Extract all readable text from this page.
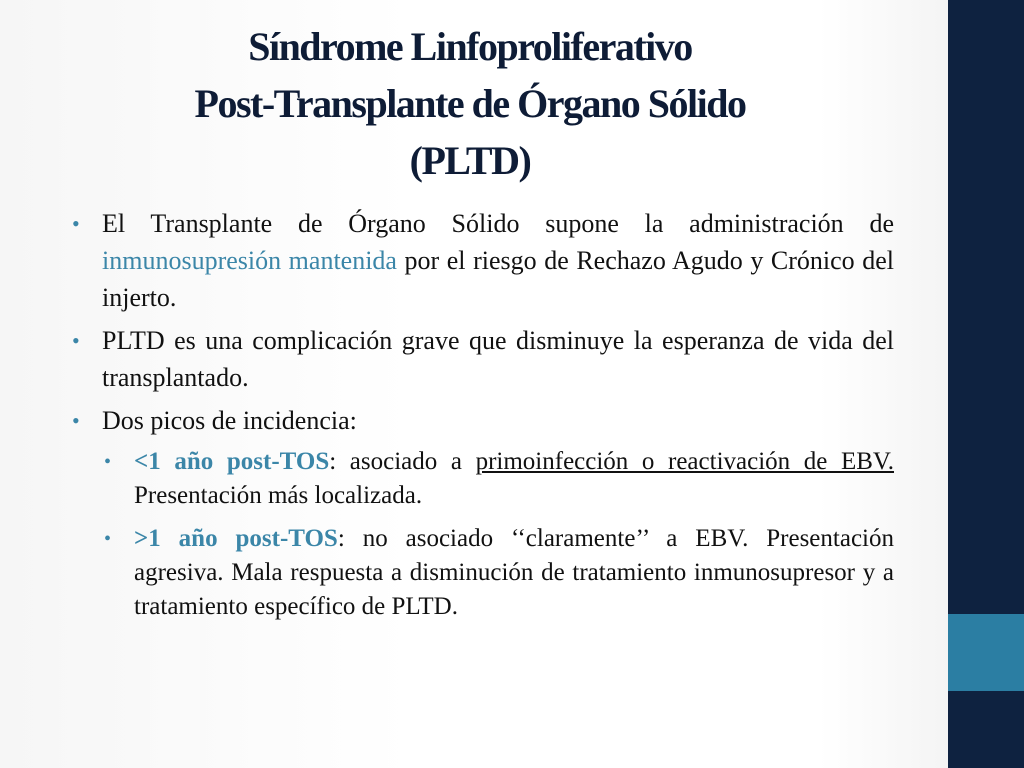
Síndrome Linfoproliferativo
Post-Transplante de Órgano Sólido
(PLTD)
• El Transplante de Órgano Sólido supone la administración de inmunosupresión mantenida por el riesgo de Rechazo Agudo y Crónico del injerto.
• PLTD es una complicación grave que disminuye la esperanza de vida del transplantado.
• Dos picos de incidencia:
• <1 año post-TOS: asociado a primoinfección o reactivación de EBV. Presentación más localizada.
• >1 año post-TOS: no asociado ‘‘claramente’’ a EBV. Presentación agresiva. Mala respuesta a disminución de tratamiento inmunosupresor y a tratamiento específico de PLTD.
